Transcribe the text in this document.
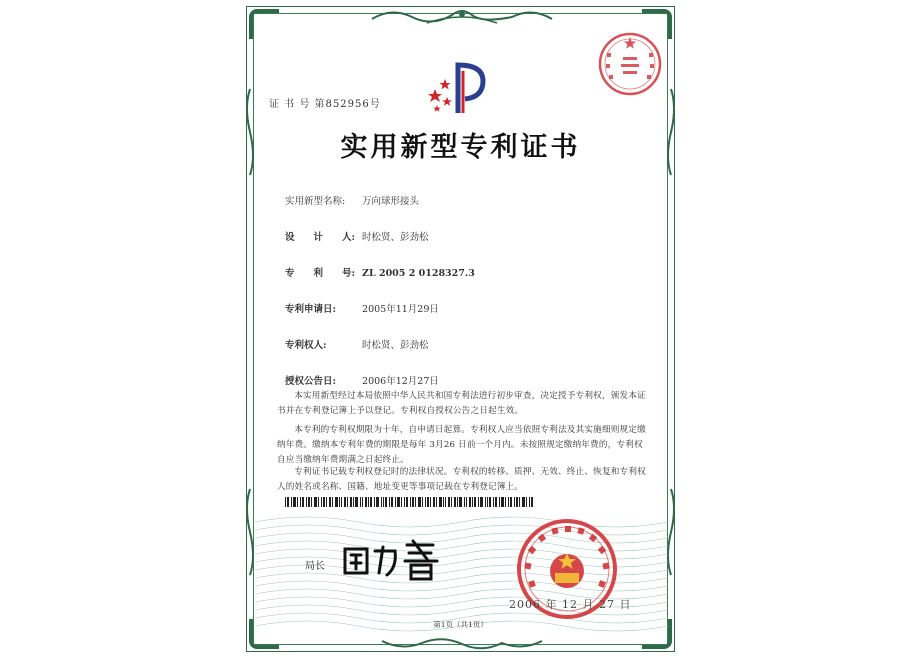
证 书 号 第852956号
实用新型专利证书
实用新型名称: 万向球形接头
设　　计　　人: 时松贤、彭劲松
专　　利　　号: ZL 2005 2 0128327.3
专利申请日:	2005年11月29日
专利权人:	时松贤、彭劲松
授权公告日:	2006年12月27日
本实用新型经过本局依照中华人民共和国专利法进行初步审查，决定授予专利权，颁发本证书并在专利登记簿上予以登记。专利权自授权公告之日起生效。
本专利的专利权期限为十年，自申请日起算。专利权人应当依照专利法及其实施细则规定缴纳年费。缴纳本专利年费的期限是每年 3月26 日前一个月内。未按照规定缴纳年费的，专利权自应当缴纳年费期满之日起终止。
专利证书记载专利权登记时的法律状况。专利权的转移、质押、无效、终止、恢复和专利权人的姓名或名称、国籍、地址变更等事项记载在专利登记簿上。
局长
2006 年 12 月 27 日
第1页（共1页）
